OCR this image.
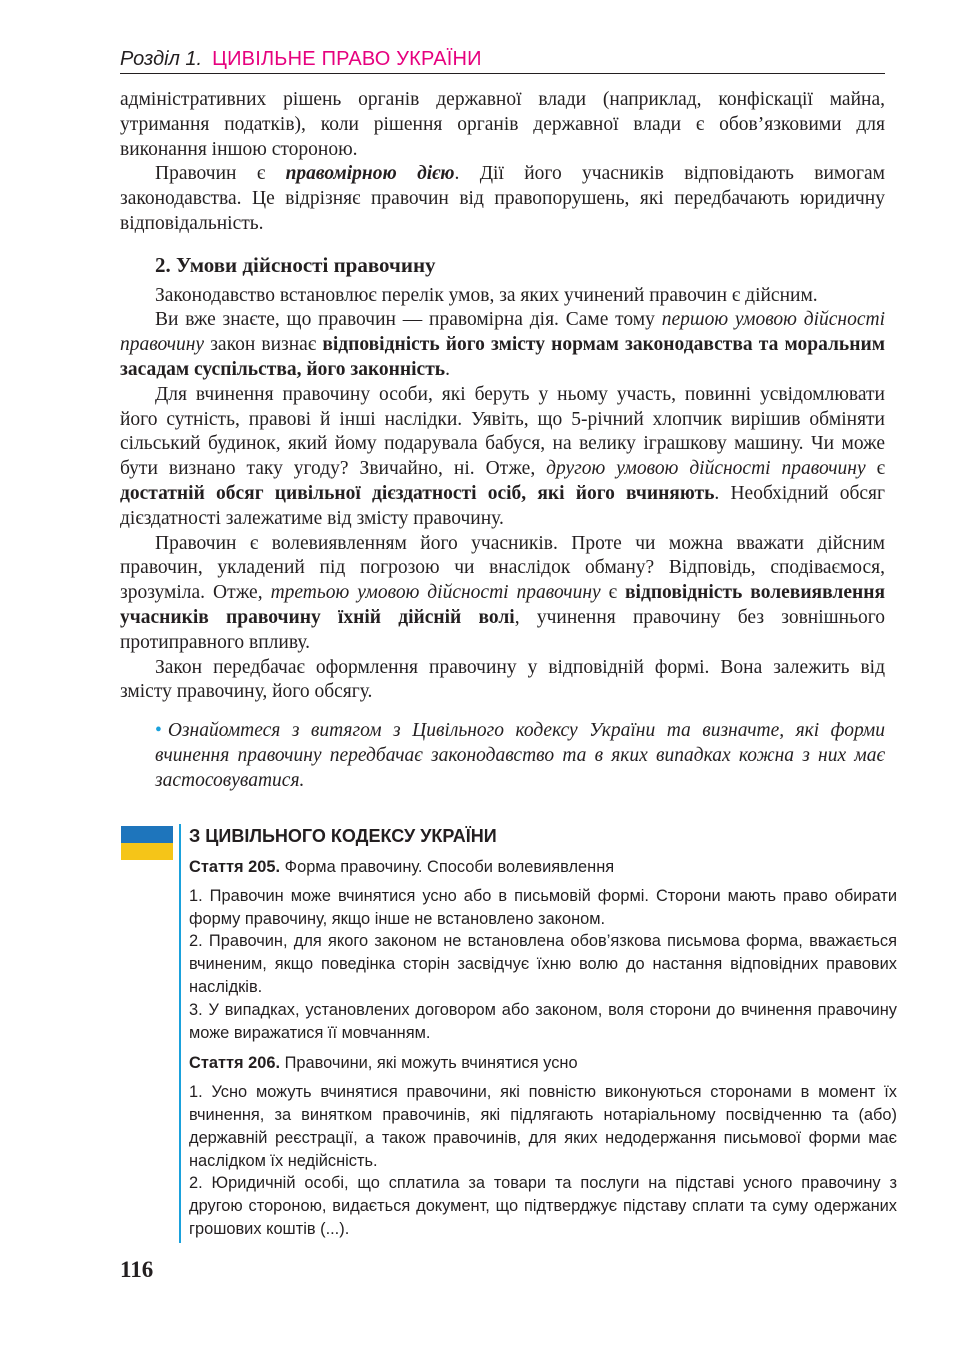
Розділ 1. ЦИВІЛЬНЕ ПРАВО УКРАЇНИ

адміністративних рішень органів державної влади (наприклад, конфіскації майна, утримання податків), коли рішення органів державної влади є обов’язковими для виконання іншою стороною.

Правочин є правомірною дією. Дії його учасників відповідають вимогам законодавства. Це відрізняє правочин від правопорушень, які передбачають юридичну відповідальність.

2. Умови дійсності правочину

Законодавство встановлює перелік умов, за яких учинений правочин є дійсним.

Ви вже знаєте, що правочин — правомірна дія. Саме тому першою умовою дійсності правочину закон визнає відповідність його змісту нормам законодавства та моральним засадам суспільства, його законність.

Для вчинення правочину особи, які беруть у ньому участь, повинні усвідомлювати його сутність, правові й інші наслідки. Уявіть, що 5-річний хлопчик вирішив обміняти сільський будинок, який йому подарувала бабуся, на велику іграшкову машину. Чи може бути визнано таку угоду? Звичайно, ні. Отже, другою умовою дійсності правочину є достатній обсяг цивільної дієздатності осіб, які його вчиняють. Необхідний обсяг дієздатності залежатиме від змісту правочину.

Правочин є волевиявленням його учасників. Проте чи можна вважати дійсним правочин, укладений під погрозою чи внаслідок обману? Відповідь, сподіваємося, зрозуміла. Отже, третьою умовою дійсності правочину є відповідність волевиявлення учасників правочину їхній дійсній волі, учинення правочину без зовнішнього протиправного впливу.

Закон передбачає оформлення правочину у відповідній формі. Вона залежить від змісту правочину, його обсягу.

• Ознайомтеся з витягом з Цивільного кодексу України та визначте, які форми вчинення правочину передбачає законодавство та в яких випадках кожна з них має застосовуватися.

З ЦИВІЛЬНОГО КОДЕКСУ УКРАЇНИ
Стаття 205. Форма правочину. Способи волевиявлення

1. Правочин може вчинятися усно або в письмовій формі. Сторони мають право обирати форму правочину, якщо інше не встановлено законом.

2. Правочин, для якого законом не встановлена обов’язкова письмова форма, вважається вчиненим, якщо поведінка сторін засвідчує їхню волю до настання відповідних правових наслідків.

3. У випадках, установлених договором або законом, воля сторони до вчинення правочину може виражатися її мовчанням.

Стаття 206. Правочини, які можуть вчинятися усно

1. Усно можуть вчинятися правочини, які повністю виконуються сторонами в момент їх вчинення, за винятком правочинів, які підлягають нотаріальному посвідченню та (або) державній реєстрації, а також правочинів, для яких недодержання письмової форми має наслідком їх недійсність.

2. Юридичній особі, що сплатила за товари та послуги на підставі усного правочину з другою стороною, видається документ, що підтверджує підставу сплати та суму одержаних грошових коштів (...).

116
